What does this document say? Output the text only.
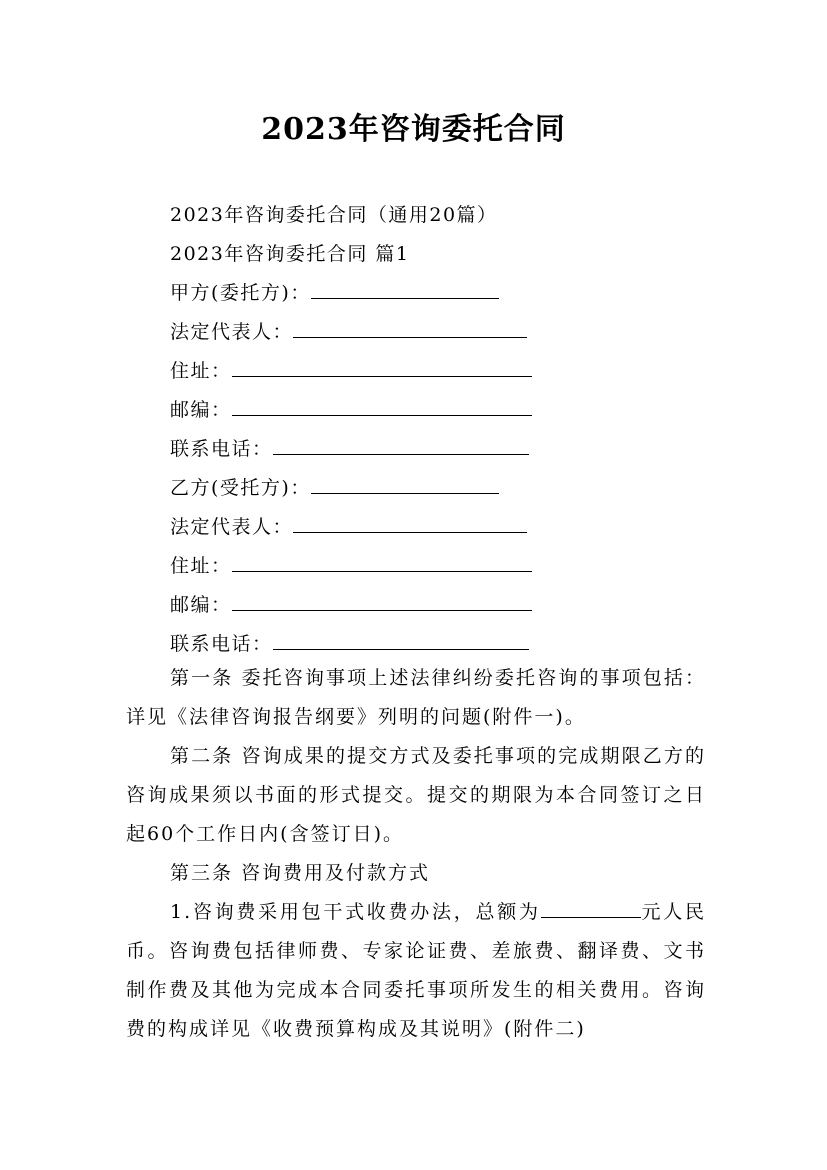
2023年咨询委托合同
2023年咨询委托合同（通用20篇）
2023年咨询委托合同 篇1
甲方(委托方)：
法定代表人：
住址：
邮编：
联系电话：
乙方(受托方)：
法定代表人：
住址：
邮编：
联系电话：
第一条 委托咨询事项上述法律纠纷委托咨询的事项包括：详见《法律咨询报告纲要》列明的问题(附件一)。
第二条 咨询成果的提交方式及委托事项的完成期限乙方的咨询成果须以书面的形式提交。提交的期限为本合同签订之日起60个工作日内(含签订日)。
第三条 咨询费用及付款方式
1.咨询费采用包干式收费办法，总额为	元人民币。咨询费包括律师费、专家论证费、差旅费、翻译费、文书制作费及其他为完成本合同委托事项所发生的相关费用。咨询费的构成详见《收费预算构成及其说明》(附件二)
